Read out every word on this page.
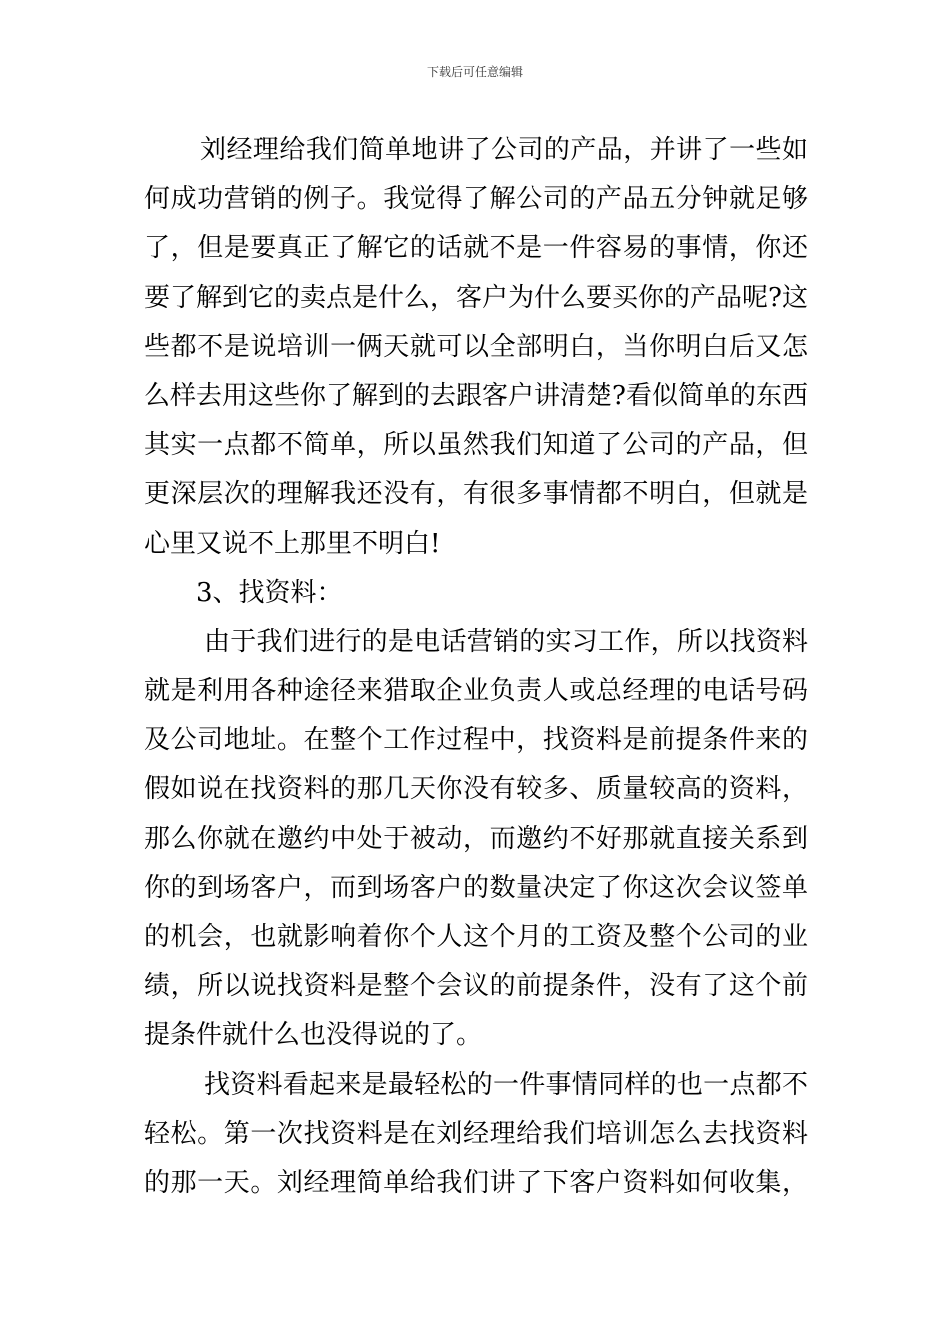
下载后可任意编辑
刘经理给我们简单地讲了公司的产品，并讲了一些如
何成功营销的例子。我觉得了解公司的产品五分钟就足够
了，但是要真正了解它的话就不是一件容易的事情，你还
要了解到它的卖点是什么，客户为什么要买你的产品呢?这
些都不是说培训一俩天就可以全部明白，当你明白后又怎
么样去用这些你了解到的去跟客户讲清楚?看似简单的东西
其实一点都不简单，所以虽然我们知道了公司的产品，但
更深层次的理解我还没有，有很多事情都不明白，但就是
心里又说不上那里不明白!
3、找资料：
由于我们进行的是电话营销的实习工作，所以找资料
就是利用各种途径来猎取企业负责人或总经理的电话号码
及公司地址。在整个工作过程中，找资料是前提条件来的
假如说在找资料的那几天你没有较多、质量较高的资料，
那么你就在邀约中处于被动，而邀约不好那就直接关系到
你的到场客户，而到场客户的数量决定了你这次会议签单
的机会，也就影响着你个人这个月的工资及整个公司的业
绩，所以说找资料是整个会议的前提条件，没有了这个前
提条件就什么也没得说的了。
找资料看起来是最轻松的一件事情同样的也一点都不
轻松。第一次找资料是在刘经理给我们培训怎么去找资料
的那一天。刘经理简单给我们讲了下客户资料如何收集，
